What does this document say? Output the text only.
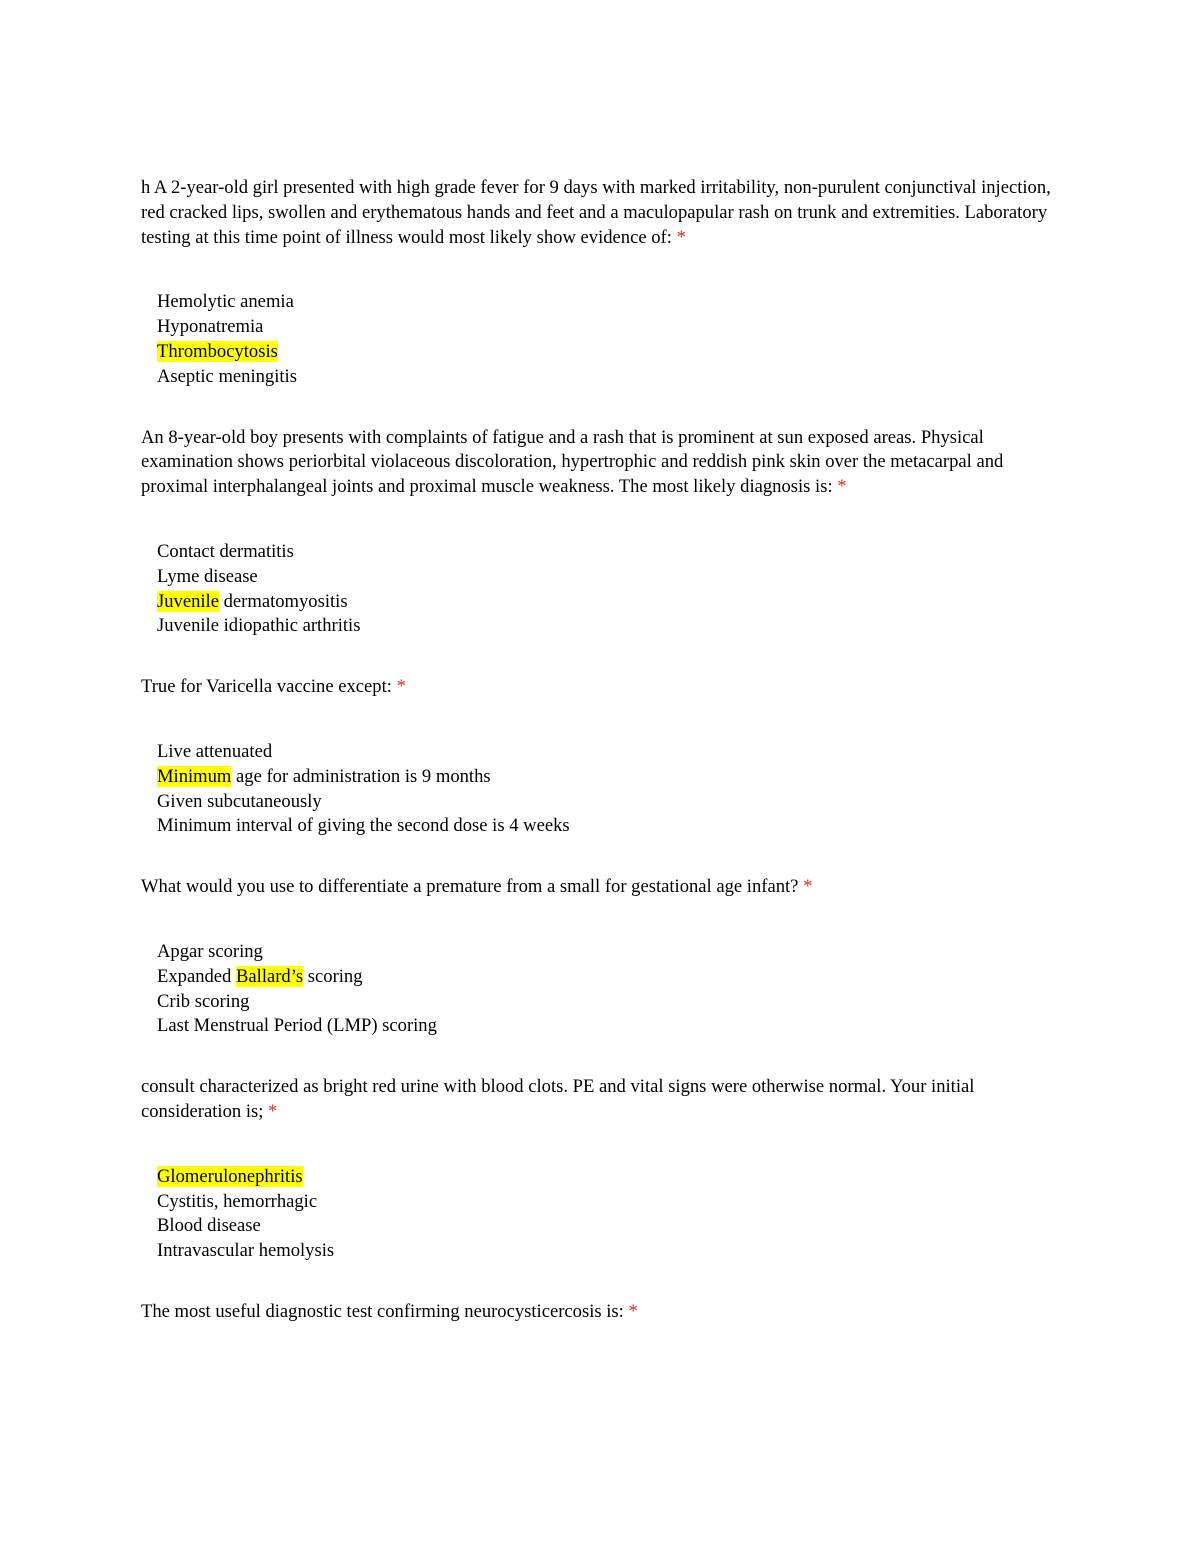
h A 2-year-old girl presented with high grade fever for 9 days with marked irritability, non-purulent conjunctival injection, red cracked lips, swollen and erythematous hands and feet and a maculopapular rash on trunk and extremities. Laboratory testing at this time point of illness would most likely show evidence of: *

Hemolytic anemia
Hyponatremia
Thrombocytosis
Aseptic meningitis

An 8-year-old boy presents with complaints of fatigue and a rash that is prominent at sun exposed areas. Physical examination shows periorbital violaceous discoloration, hypertrophic and reddish pink skin over the metacarpal and proximal interphalangeal joints and proximal muscle weakness. The most likely diagnosis is: *

Contact dermatitis
Lyme disease
Juvenile dermatomyositis
Juvenile idiopathic arthritis

True for Varicella vaccine except: *

Live attenuated
Minimum age for administration is 9 months
Given subcutaneously
Minimum interval of giving the second dose is 4 weeks

What would you use to differentiate a premature from a small for gestational age infant? *

Apgar scoring
Expanded Ballard’s scoring
Crib scoring
Last Menstrual Period (LMP) scoring

consult characterized as bright red urine with blood clots. PE and vital signs were otherwise normal. Your initial consideration is; *

Glomerulonephritis
Cystitis, hemorrhagic
Blood disease
Intravascular hemolysis

The most useful diagnostic test confirming neurocysticercosis is: *
